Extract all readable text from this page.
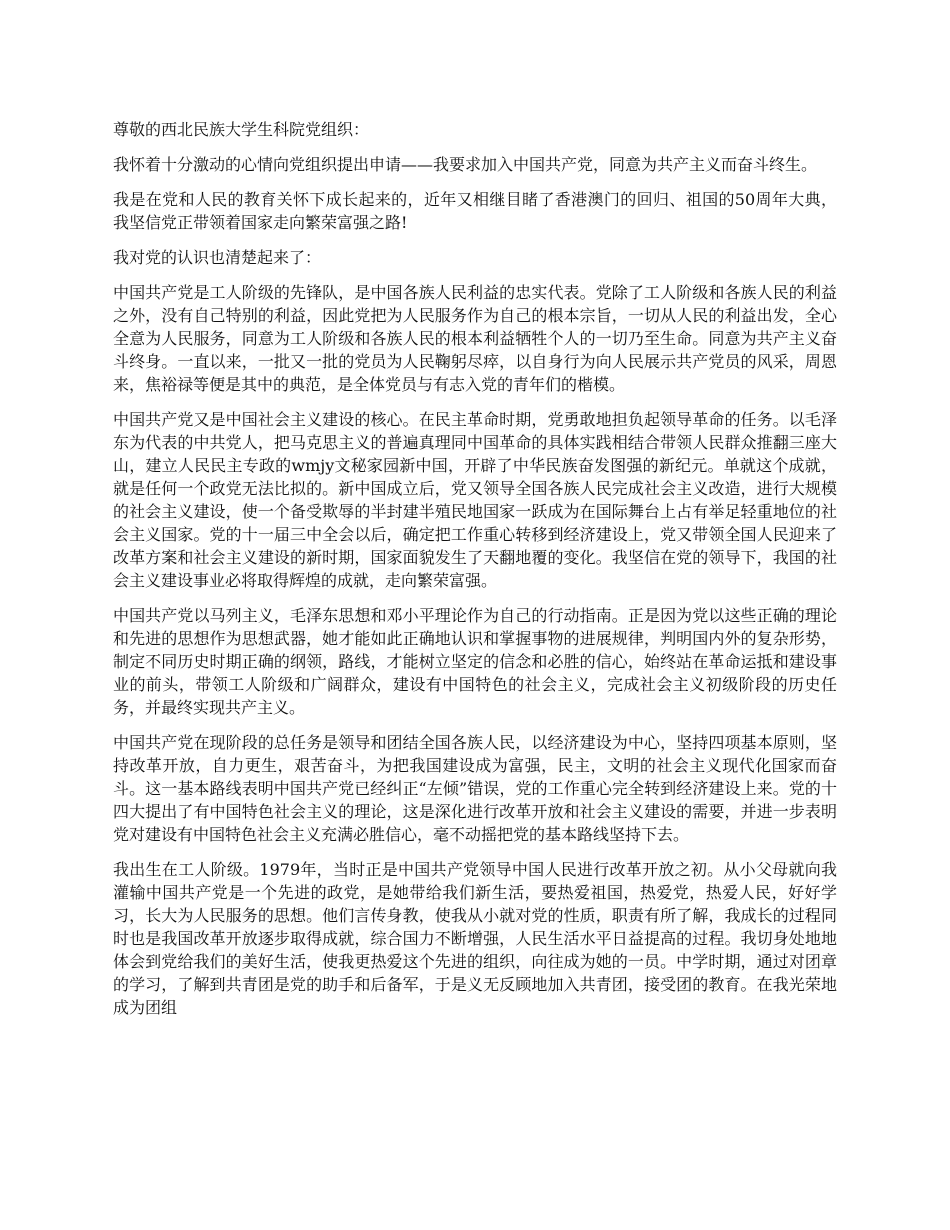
尊敬的西北民族大学生科院党组织：

我怀着十分激动的心情向党组织提出申请——我要求加入中国共产党，同意为共产主义而奋斗终生。

我是在党和人民的教育关怀下成长起来的，近年又相继目睹了香港澳门的回归、祖国的50周年大典，我坚信党正带领着国家走向繁荣富强之路!

我对党的认识也清楚起来了：

中国共产党是工人阶级的先锋队，是中国各族人民利益的忠实代表。党除了工人阶级和各族人民的利益之外，没有自己特别的利益，因此党把为人民服务作为自己的根本宗旨，一切从人民的利益出发，全心全意为人民服务，同意为工人阶级和各族人民的根本利益牺牲个人的一切乃至生命。同意为共产主义奋斗终身。一直以来，一批又一批的党员为人民鞠躬尽瘁，以自身行为向人民展示共产党员的风采，周恩来，焦裕禄等便是其中的典范，是全体党员与有志入党的青年们的楷模。

中国共产党又是中国社会主义建设的核心。在民主革命时期，党勇敢地担负起领导革命的任务。以毛泽东为代表的中共党人，把马克思主义的普遍真理同中国革命的具体实践相结合带领人民群众推翻三座大山，建立人民民主专政的wmjy文秘家园新中国，开辟了中华民族奋发图强的新纪元。单就这个成就，就是任何一个政党无法比拟的。新中国成立后，党又领导全国各族人民完成社会主义改造，进行大规模的社会主义建设，使一个备受欺辱的半封建半殖民地国家一跃成为在国际舞台上占有举足轻重地位的社会主义国家。党的十一届三中全会以后，确定把工作重心转移到经济建设上，党又带领全国人民迎来了改革方案和社会主义建设的新时期，国家面貌发生了天翻地覆的变化。我坚信在党的领导下，我国的社会主义建设事业必将取得辉煌的成就，走向繁荣富强。

中国共产党以马列主义，毛泽东思想和邓小平理论作为自己的行动指南。正是因为党以这些正确的理论和先进的思想作为思想武器，她才能如此正确地认识和掌握事物的进展规律，判明国内外的复杂形势，制定不同历史时期正确的纲领，路线，才能树立坚定的信念和必胜的信心，始终站在革命运抵和建设事业的前头，带领工人阶级和广阔群众，建设有中国特色的社会主义，完成社会主义初级阶段的历史任务，并最终实现共产主义。

中国共产党在现阶段的总任务是领导和团结全国各族人民，以经济建设为中心，坚持四项基本原则，坚持改革开放，自力更生，艰苦奋斗，为把我国建设成为富强，民主，文明的社会主义现代化国家而奋斗。这一基本路线表明中国共产党已经纠正“左倾”错误，党的工作重心完全转到经济建设上来。党的十四大提出了有中国特色社会主义的理论，这是深化进行改革开放和社会主义建设的需要，并进一步表明党对建设有中国特色社会主义充满必胜信心，毫不动摇把党的基本路线坚持下去。

我出生在工人阶级。1979年，当时正是中国共产党领导中国人民进行改革开放之初。从小父母就向我灌输中国共产党是一个先进的政党，是她带给我们新生活，要热爱祖国，热爱党，热爱人民，好好学习，长大为人民服务的思想。他们言传身教，使我从小就对党的性质，职责有所了解，我成长的过程同时也是我国改革开放逐步取得成就，综合国力不断增强，人民生活水平日益提高的过程。我切身处地地体会到党给我们的美好生活，使我更热爱这个先进的组织，向往成为她的一员。中学时期，通过对团章的学习，了解到共青团是党的助手和后备军，于是义无反顾地加入共青团，接受团的教育。在我光荣地成为团组
